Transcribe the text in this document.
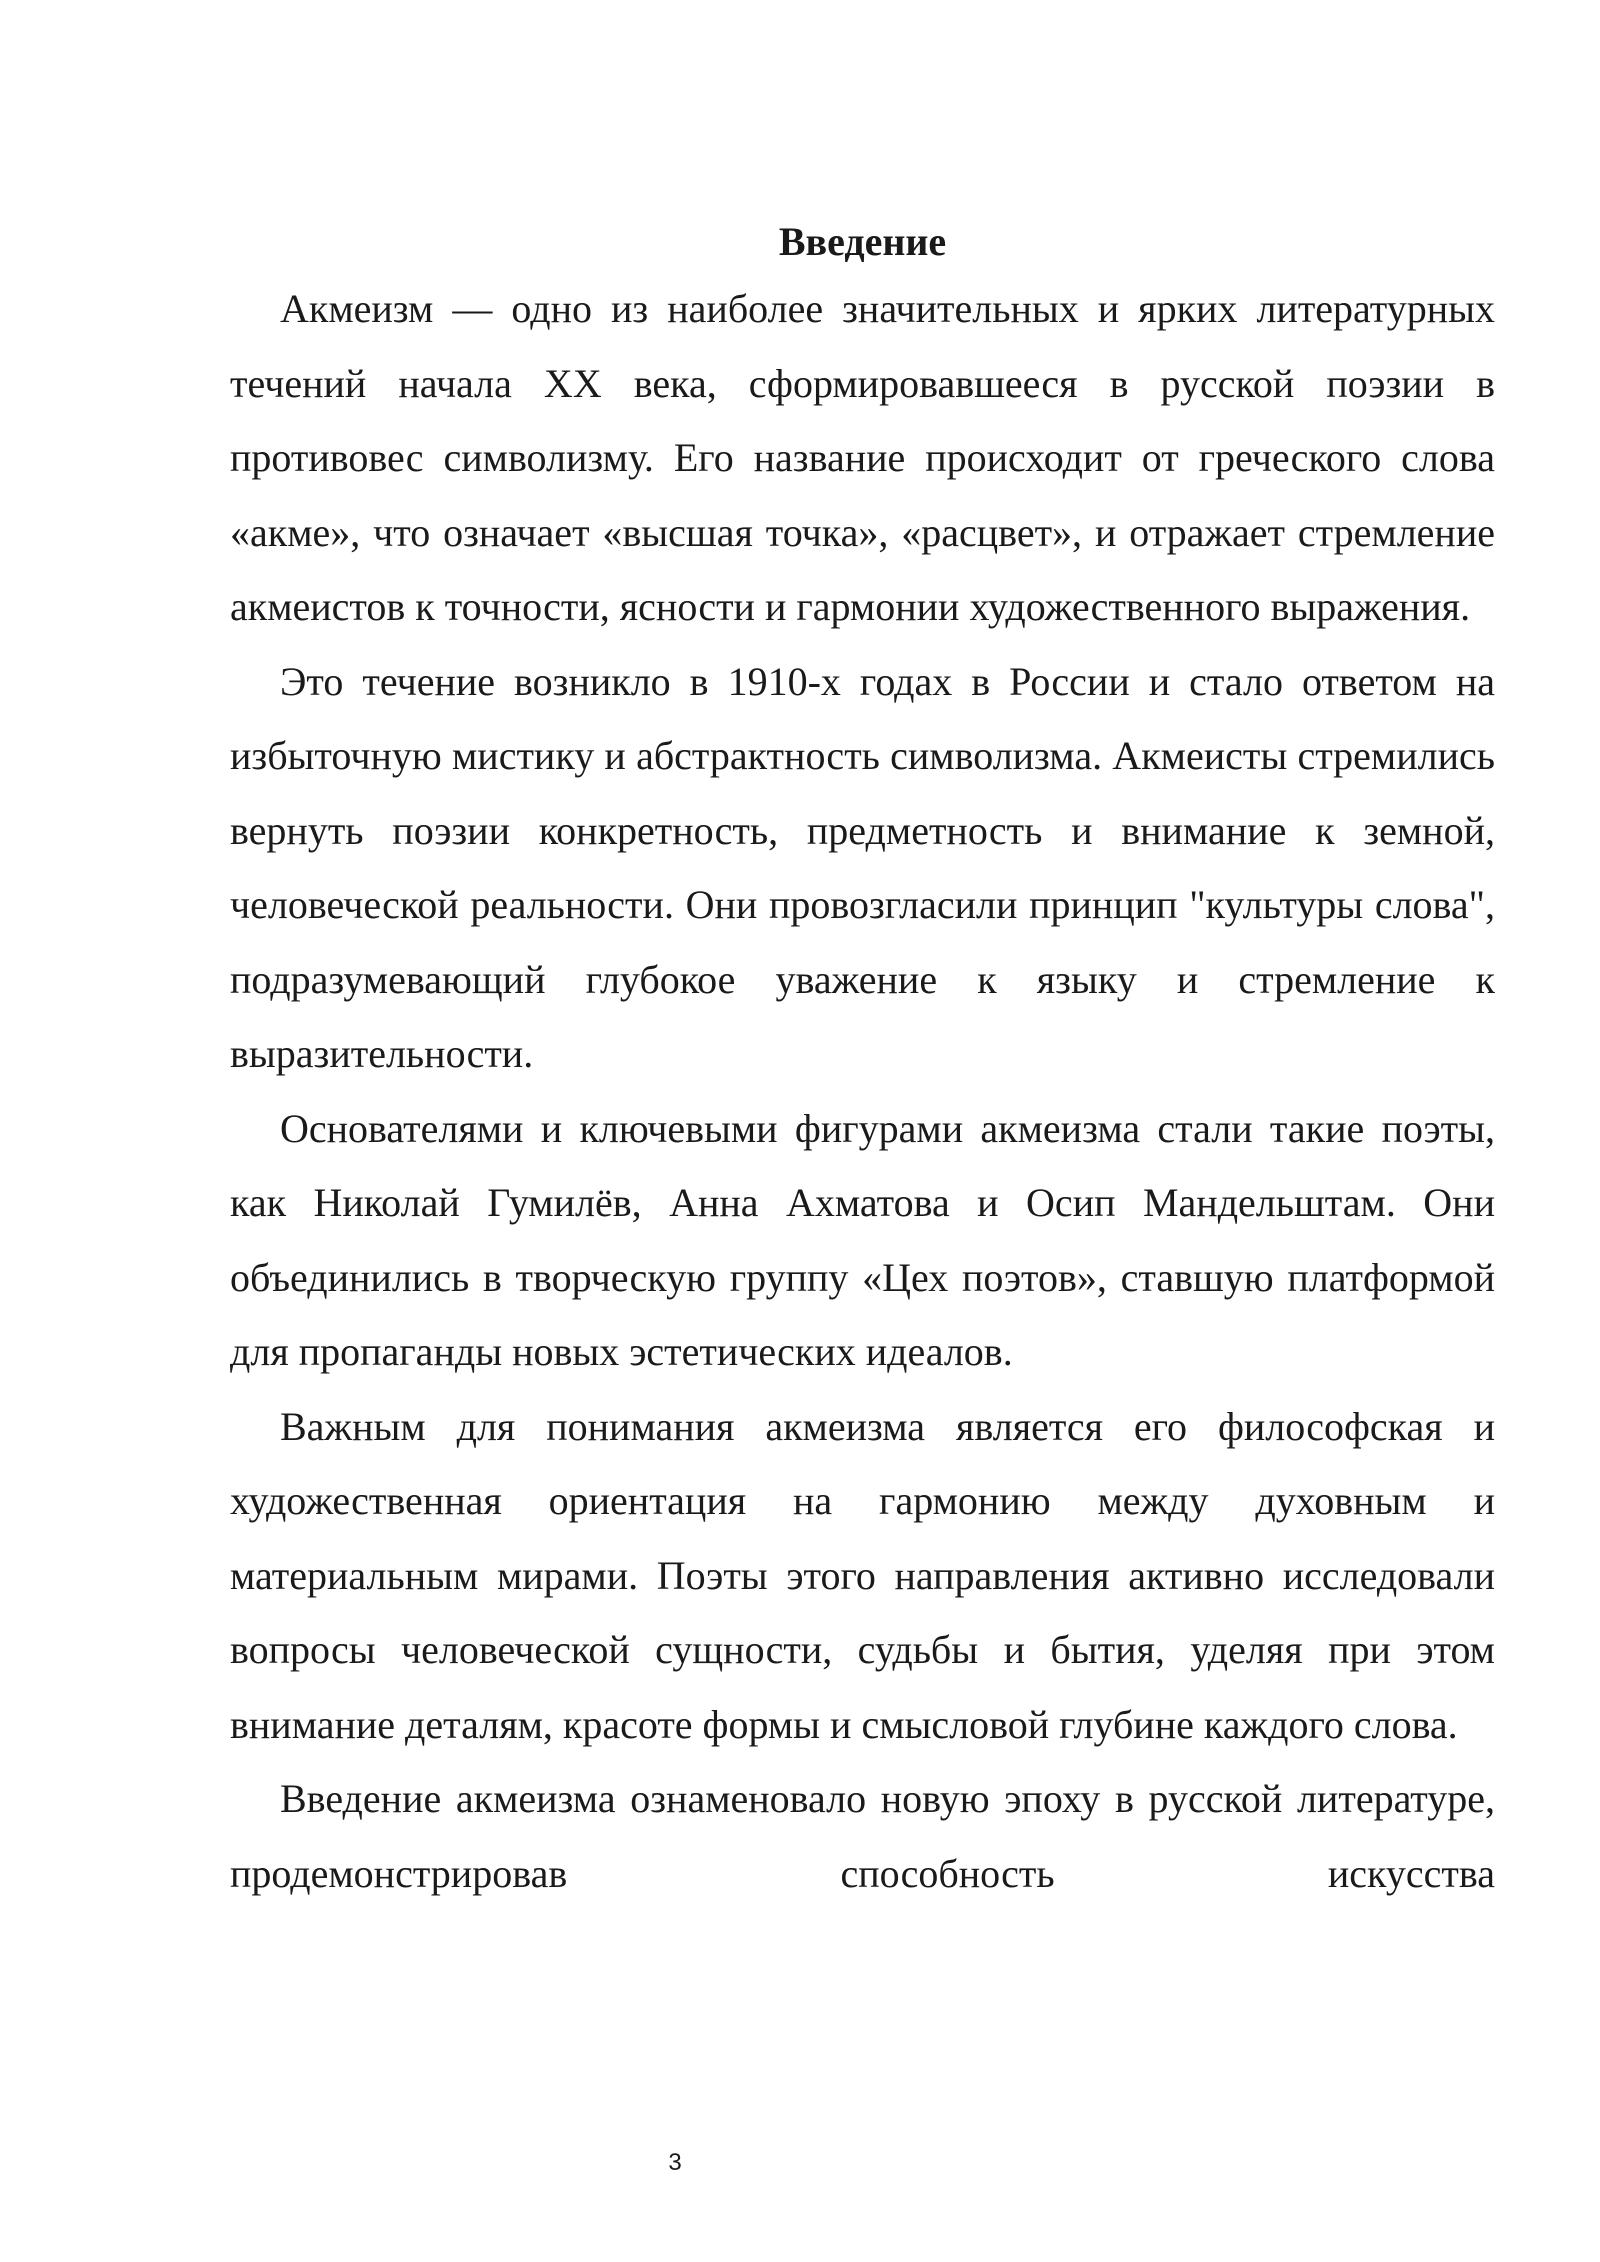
Введение

Акмеизм — одно из наиболее значительных и ярких литературных течений начала XX века, сформировавшееся в русской поэзии в противовес символизму. Его название происходит от греческого слова «акме», что означает «высшая точка», «расцвет», и отражает стремление акмеистов к точности, ясности и гармонии художественного выражения.

Это течение возникло в 1910-х годах в России и стало ответом на избыточную мистику и абстрактность символизма. Акмеисты стремились вернуть поэзии конкретность, предметность и внимание к земной, человеческой реальности. Они провозгласили принцип "культуры слова", подразумевающий глубокое уважение к языку и стремление к выразительности.

Основателями и ключевыми фигурами акмеизма стали такие поэты, как Николай Гумилёв, Анна Ахматова и Осип Мандельштам. Они объединились в творческую группу «Цех поэтов», ставшую платформой для пропаганды новых эстетических идеалов.

Важным для понимания акмеизма является его философская и художественная ориентация на гармонию между духовным и материальным мирами. Поэты этого направления активно исследовали вопросы человеческой сущности, судьбы и бытия, уделяя при этом внимание деталям, красоте формы и смысловой глубине каждого слова.

Введение акмеизма ознаменовало новую эпоху в русской литературе, продемонстрировав способность искусства

3
